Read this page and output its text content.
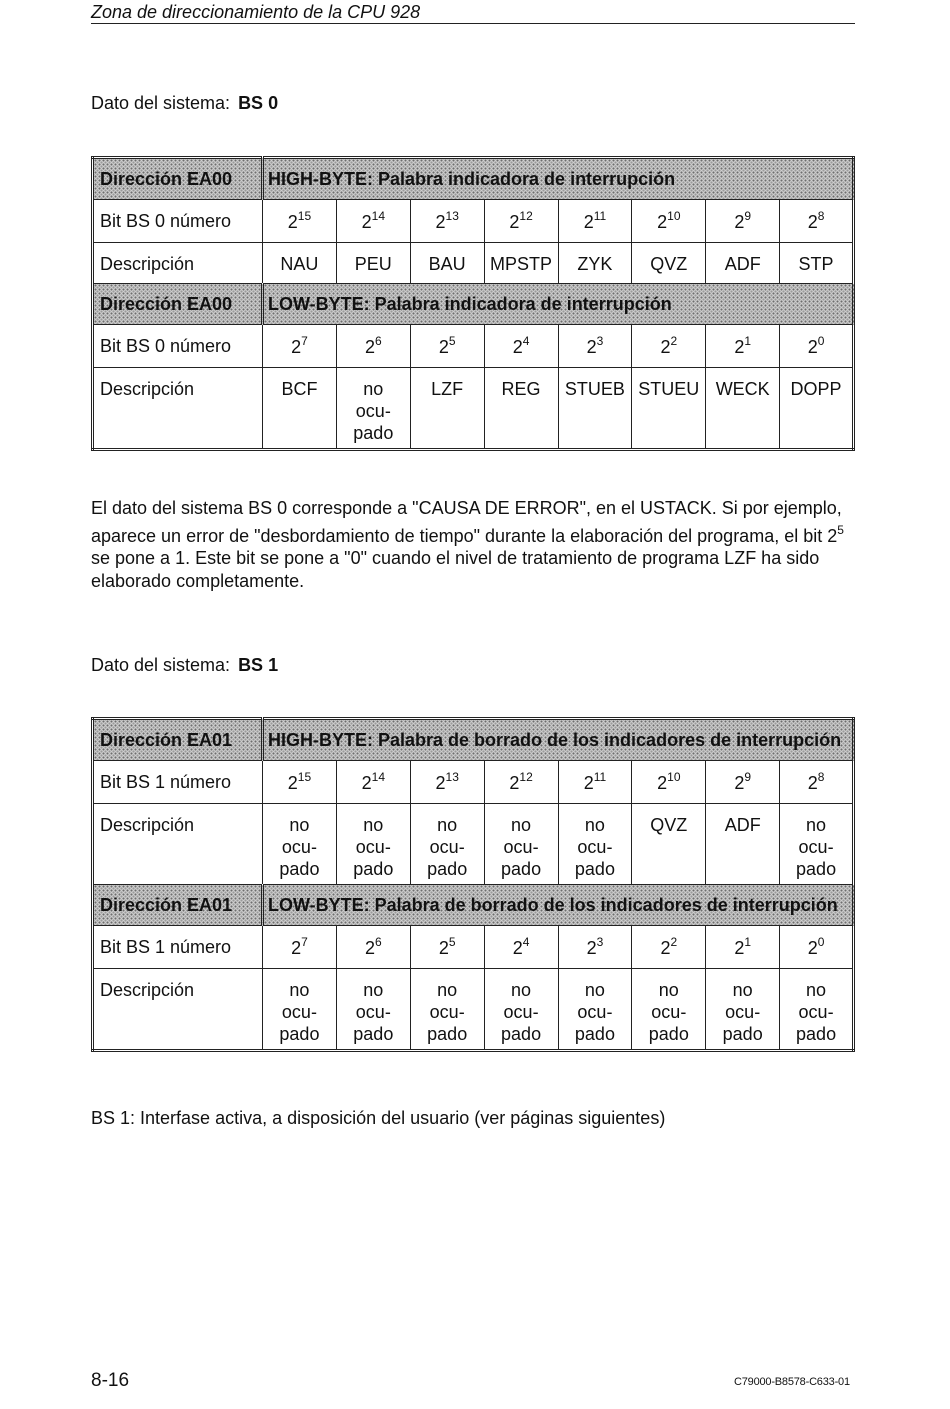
Zona de direccionamiento de la CPU 928
Dato del sistema: BS 0
Dirección EA00	HIGH-BYTE: Palabra indicadora de interrupción							
Bit BS 0 número	$2^{15}$	$2^{14}$	$2^{13}$	$2^{12}$	$2^{11}$	$2^{10}$	$2^9$	$2^8$
Descripción	NAU	PEU	BAU	MPSTP	ZYK	QVZ	ADF	STP
Dirección EA00	LOW-BYTE: Palabra indicadora de interrupción							
Bit BS 0 número	$2^7$	$2^6$	$2^5$	$2^4$	$2^3$	$2^2$	$2^1$	$2^0$
Descripción	BCF	no
ocu-
pado	LZF	REG	STUEB	STUEU	WECK	DOPP
El dato del sistema BS 0 corresponde a "CAUSA DE ERROR", en el USTACK. Si por ejemplo, aparece un error de "desbordamiento de tiempo" durante la elaboración del programa, el bit $2^5$ se pone a 1. Este bit se pone a "0" cuando el nivel de tratamiento de programa LZF ha sido elaborado completamente.
Dato del sistema: BS 1
Dirección EA01	HIGH-BYTE: Palabra de borrado de los indicadores de interrupción							
Bit BS 1 número	$2^{15}$	$2^{14}$	$2^{13}$	$2^{12}$	$2^{11}$	$2^{10}$	$2^9$	$2^8$
Descripción	no
ocu-
pado	no
ocu-
pado	no
ocu-
pado	no
ocu-
pado	no
ocu-
pado	QVZ	ADF	no
ocu-
pado
Dirección EA01	LOW-BYTE: Palabra de borrado de los indicadores de interrupción							
Bit BS 1 número	$2^7$	$2^6$	$2^5$	$2^4$	$2^3$	$2^2$	$2^1$	$2^0$
Descripción	no
ocu-
pado	no
ocu-
pado	no
ocu-
pado	no
ocu-
pado	no
ocu-
pado	no
ocu-
pado	no
ocu-
pado	no
ocu-
pado
BS 1: Interfase activa, a disposición del usuario (ver páginas siguientes)
8-16	C79000-B8578-C633-01
